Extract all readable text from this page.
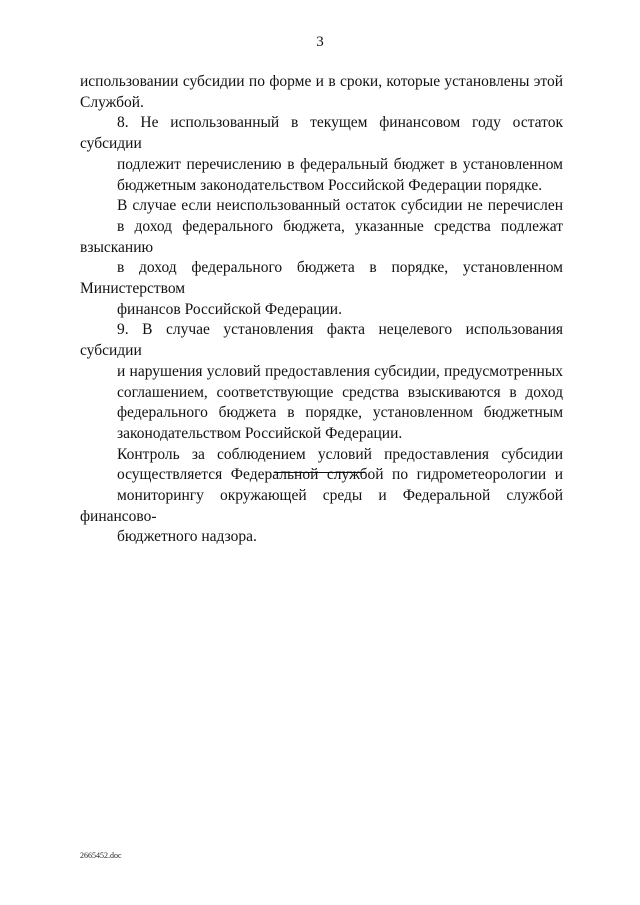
3

использовании субсидии по форме и в сроки, которые установлены этой
Службой.

8. Не использованный в текущем финансовом году остаток субсидии
подлежит перечислению в федеральный бюджет в установленном
бюджетным законодательством Российской Федерации порядке.

В случае если неиспользованный остаток субсидии не перечислен
в доход федерального бюджета, указанные средства подлежат взысканию
в доход федерального бюджета в порядке, установленном Министерством
финансов Российской Федерации.

9. В случае установления факта нецелевого использования субсидии
и нарушения условий предоставления субсидии, предусмотренных
соглашением, соответствующие средства взыскиваются в доход
федерального бюджета в порядке, установленном бюджетным
законодательством Российской Федерации.

Контроль за соблюдением условий предоставления субсидии
осуществляется Федеральной службой по гидрометеорологии и
мониторингу окружающей среды и Федеральной службой финансово-
бюджетного надзора.

2665452.doc
